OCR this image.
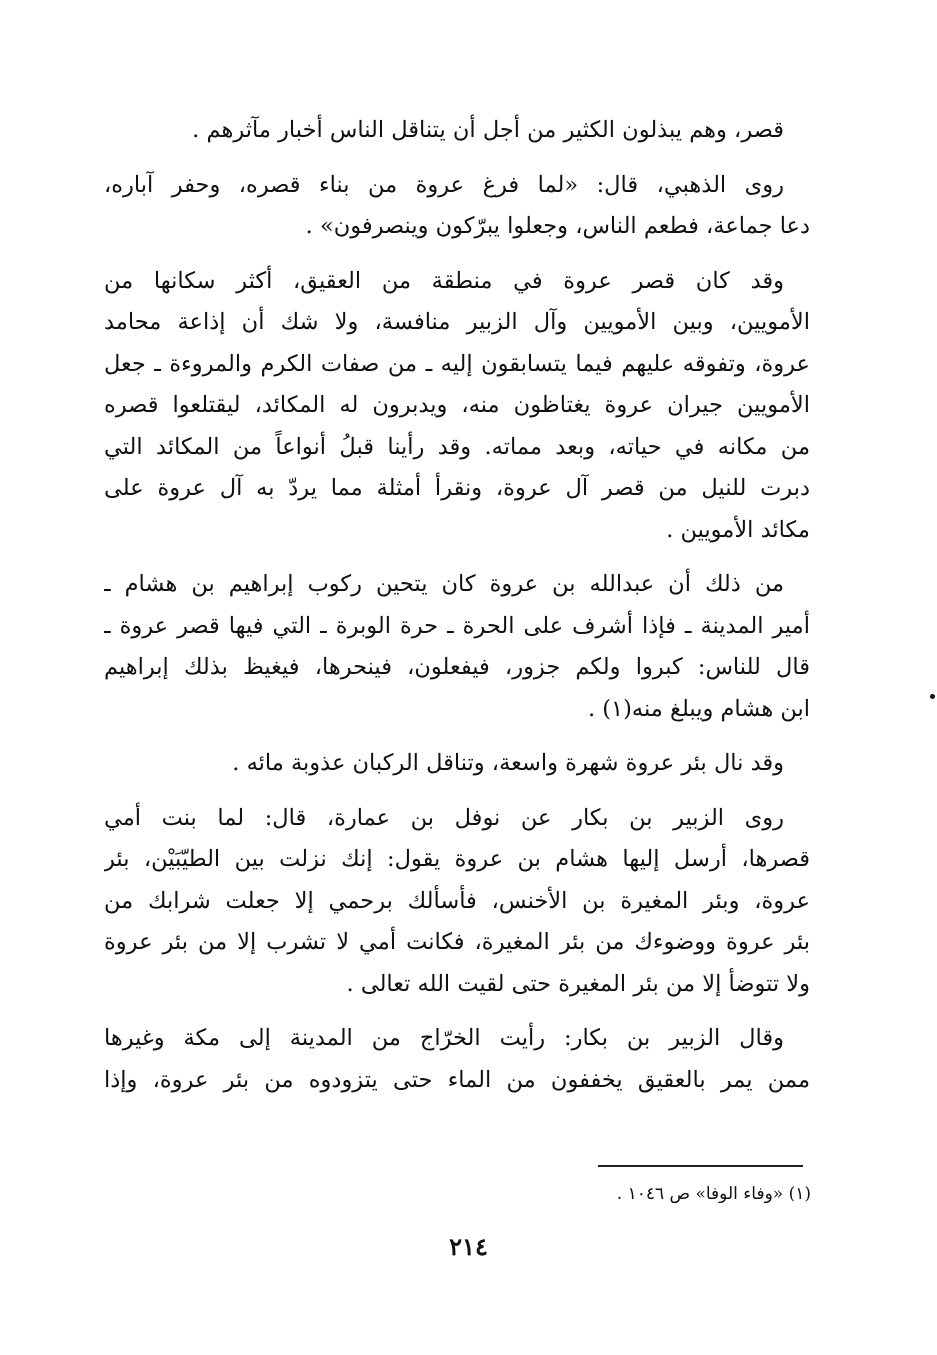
قصر، وهم يبذلون الكثير من أجل أن يتناقل الناس أخبار مآثرهم .
روى الذهبي، قال: «لما فرغ عروة من بناء قصره، وحفر آباره،
دعا جماعة، فطعم الناس، وجعلوا يبرّكون وينصرفون» .
وقد كان قصر عروة في منطقة من العقيق، أكثر سكانها من
الأمويين، وبين الأمويين وآل الزبير منافسة، ولا شك أن إذاعة محامد
عروة، وتفوقه عليهم فيما يتسابقون إليه ـ من صفات الكرم والمروءة ـ جعل
الأمويين جيران عروة يغتاظون منه، ويدبرون له المكائد، ليقتلعوا قصره
من مكانه في حياته، وبعد مماته. وقد رأينا قبلُ أنواعاً من المكائد التي
دبرت للنيل من قصر آل عروة، ونقرأ أمثلة مما يردّ به آل عروة على
مكائد الأمويين .
من ذلك أن عبدالله بن عروة كان يتحين ركوب إبراهيم بن هشام ـ
أمير المدينة ـ فإذا أشرف على الحرة ـ حرة الوبرة ـ التي فيها قصر عروة ـ
قال للناس: كبروا ولكم جزور، فيفعلون، فينحرها، فيغيظ بذلك إبراهيم
ابن هشام ويبلغ منه(١) .
وقد نال بئر عروة شهرة واسعة، وتناقل الركبان عذوبة مائه .
روى الزبير بن بكار عن نوفل بن عمارة، قال: لما بنت أمي
قصرها، أرسل إليها هشام بن عروة يقول: إنك نزلت بين الطيّبَيْن، بئر
عروة، وبئر المغيرة بن الأخنس، فأسألك برحمي إلا جعلت شرابك من
بئر عروة ووضوءك من بئر المغيرة، فكانت أمي لا تشرب إلا من بئر عروة
ولا تتوضأ إلا من بئر المغيرة حتى لقيت الله تعالى .
وقال الزبير بن بكار: رأيت الخرّاج من المدينة إلى مكة وغيرها
ممن يمر بالعقيق يخففون من الماء حتى يتزودوه من بئر عروة، وإذا
(١) «وفاء الوفا» ص ١٠٤٦ .
٢١٤
